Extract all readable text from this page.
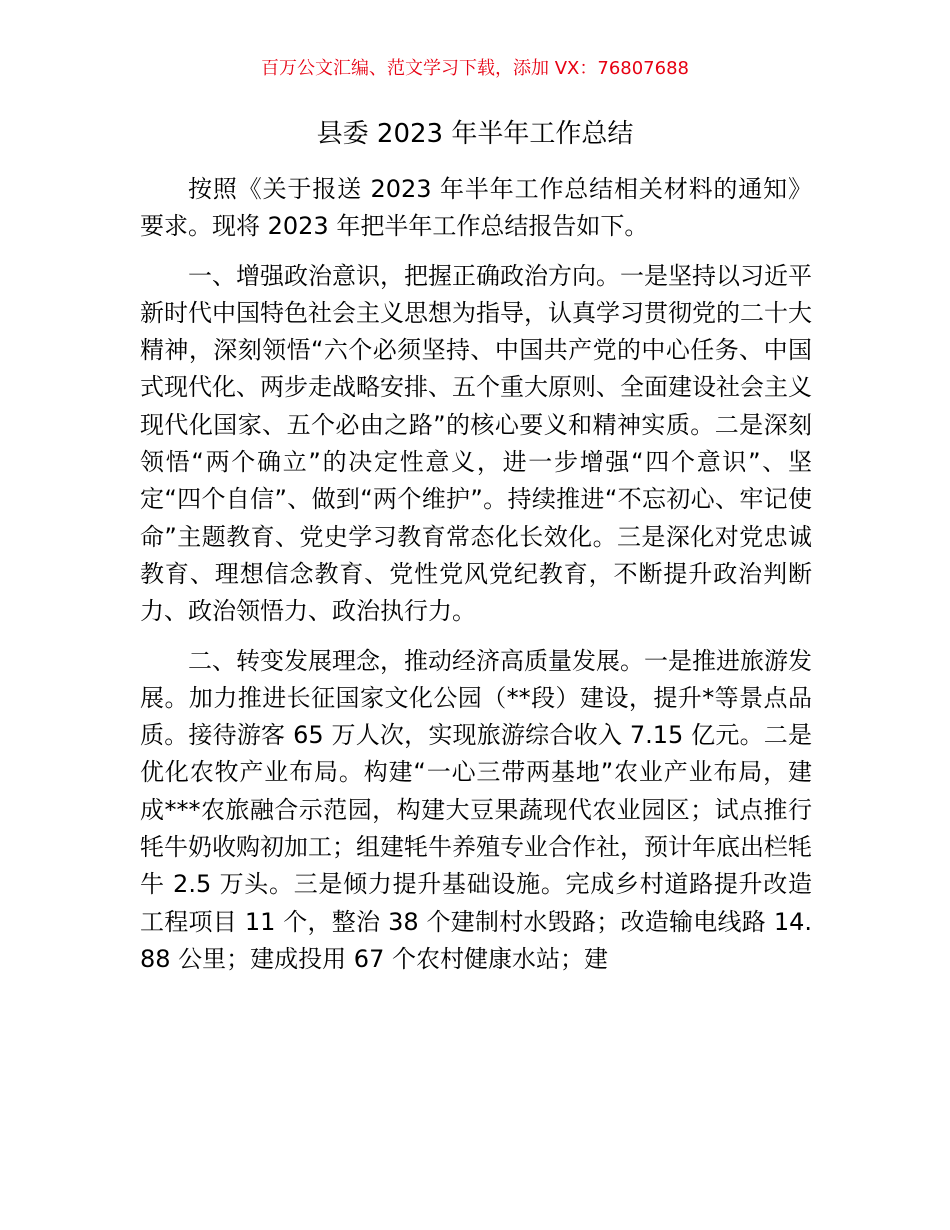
百万公文汇编、范文学习下载，添加 VX：76807688
县委 2023 年半年工作总结

按照《关于报送 2023 年半年工作总结相关材料的通知》要求。现将 2023 年把半年工作总结报告如下。

一、增强政治意识，把握正确政治方向。一是坚持以习近平新时代中国特色社会主义思想为指导，认真学习贯彻党的二十大精神，深刻领悟“六个必须坚持、中国共产党的中心任务、中国式现代化、两步走战略安排、五个重大原则、全面建设社会主义现代化国家、五个必由之路”的核心要义和精神实质。二是深刻领悟“两个确立”的决定性意义，进一步增强“四个意识”、坚定“四个自信”、做到“两个维护”。持续推进“不忘初心、牢记使命”主题教育、党史学习教育常态化长效化。三是深化对党忠诚教育、理想信念教育、党性党风党纪教育，不断提升政治判断力、政治领悟力、政治执行力。

二、转变发展理念，推动经济高质量发展。一是推进旅游发展。加力推进长征国家文化公园（**段）建设，提升*等景点品质。接待游客 65 万人次，实现旅游综合收入 7.15 亿元。二是优化农牧产业布局。构建“一心三带两基地”农业产业布局，建成***农旅融合示范园，构建大豆果蔬现代农业园区；试点推行牦牛奶收购初加工；组建牦牛养殖专业合作社，预计年底出栏牦牛 2.5 万头。三是倾力提升基础设施。完成乡村道路提升改造工程项目 11 个，整治 38 个建制村水毁路；改造输电线路 14.88 公里；建成投用 67 个农村健康水站；建
